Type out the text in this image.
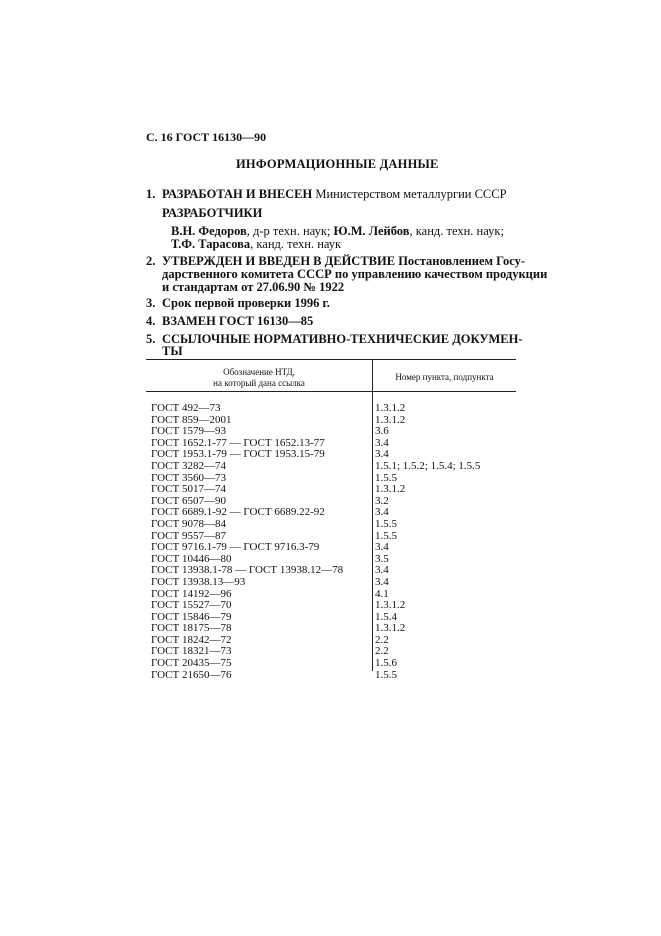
С. 16 ГОСТ 16130—90
ИНФОРМАЦИОННЫЕ ДАННЫЕ
1. РАЗРАБОТАН И ВНЕСЕН Министерством металлургии СССР
РАЗРАБОТЧИКИ
В.Н. Федоров, д-р техн. наук; Ю.М. Лейбов, канд. техн. наук;
Т.Ф. Тарасова, канд. техн. наук
2. УТВЕРЖДЕН И ВВЕДЕН В ДЕЙСТВИЕ Постановлением Госу-
дарственного комитета СССР по управлению качеством продукции
и стандартам от 27.06.90 № 1922
3. Срок первой проверки 1996 г.
4. ВЗАМЕН ГОСТ 16130—85
5. ССЫЛОЧНЫЕ НОРМАТИВНО-ТЕХНИЧЕСКИЕ ДОКУМЕН-
ТЫ
Обозначение НТД,
на который дана ссылка
Номер пункта, подпункта
ГОСТ 492—73	1.3.1.2
ГОСТ 859—2001	1.3.1.2
ГОСТ 1579—93	3.6
ГОСТ 1652.1-77 — ГОСТ 1652.13-77	3.4
ГОСТ 1953.1-79 — ГОСТ 1953.15-79	3.4
ГОСТ 3282—74	1.5.1; 1.5.2; 1.5.4; 1.5.5
ГОСТ 3560—73	1.5.5
ГОСТ 5017—74	1.3.1.2
ГОСТ 6507—90	3.2
ГОСТ 6689.1-92 — ГОСТ 6689.22-92	3.4
ГОСТ 9078—84	1.5.5
ГОСТ 9557—87	1.5.5
ГОСТ 9716.1-79 — ГОСТ 9716.3-79	3.4
ГОСТ 10446—80	3.5
ГОСТ 13938.1-78 — ГОСТ 13938.12—78	3.4
ГОСТ 13938.13—93	3.4
ГОСТ 14192—96	4.1
ГОСТ 15527—70	1.3.1.2
ГОСТ 15846—79	1.5.4
ГОСТ 18175—78	1.3.1.2
ГОСТ 18242—72	2.2
ГОСТ 18321—73	2.2
ГОСТ 20435—75	1.5.6
ГОСТ 21650—76	1.5.5
